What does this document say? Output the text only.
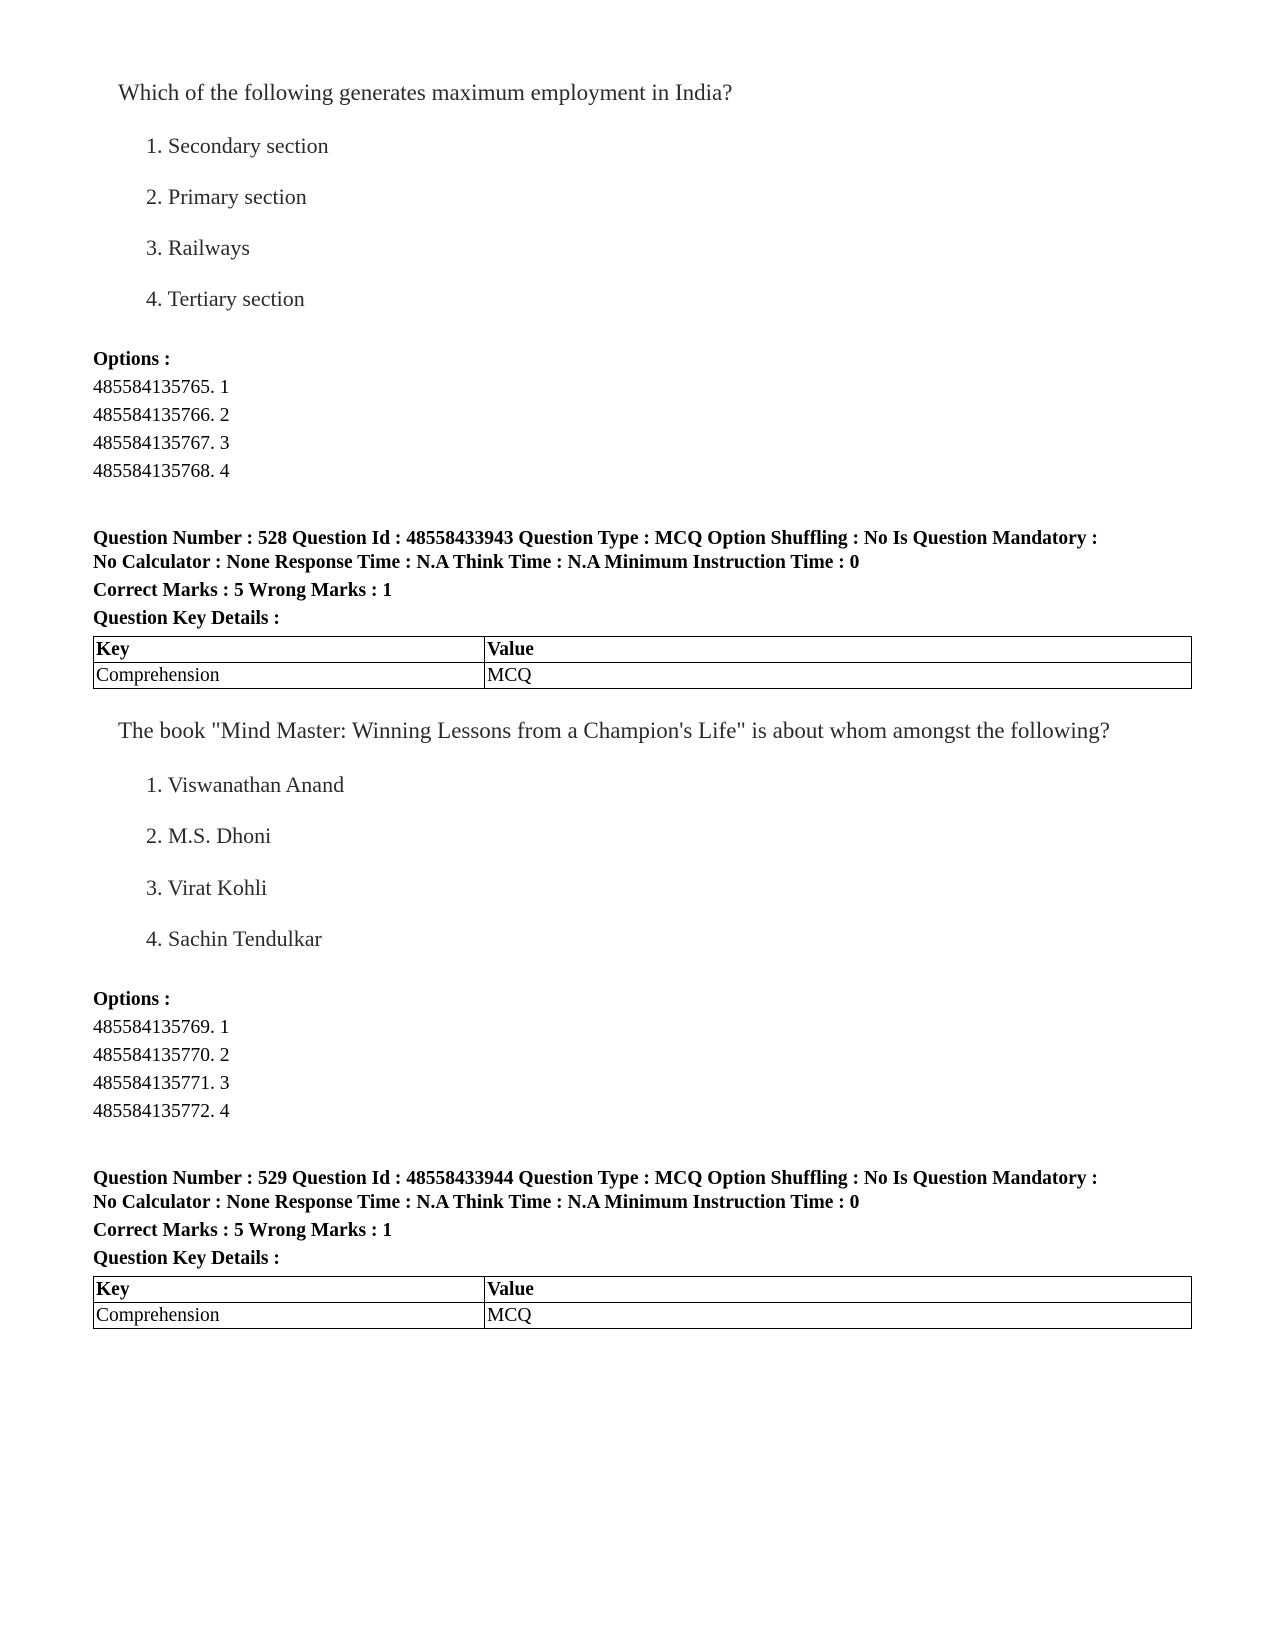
Which of the following generates maximum employment in India?
1. Secondary section
2. Primary section
3. Railways
4. Tertiary section
Options :
485584135765. 1
485584135766. 2
485584135767. 3
485584135768. 4
Question Number : 528 Question Id : 48558433943 Question Type : MCQ Option Shuffling : No Is Question Mandatory :
No Calculator : None Response Time : N.A Think Time : N.A Minimum Instruction Time : 0
Correct Marks : 5 Wrong Marks : 1
Question Key Details :
Key	Value
Comprehension	MCQ
The book "Mind Master: Winning Lessons from a Champion's Life" is about whom amongst the following?
1. Viswanathan Anand
2. M.S. Dhoni
3. Virat Kohli
4. Sachin Tendulkar
Options :
485584135769. 1
485584135770. 2
485584135771. 3
485584135772. 4
Question Number : 529 Question Id : 48558433944 Question Type : MCQ Option Shuffling : No Is Question Mandatory :
No Calculator : None Response Time : N.A Think Time : N.A Minimum Instruction Time : 0
Correct Marks : 5 Wrong Marks : 1
Question Key Details :
Key	Value
Comprehension	MCQ
